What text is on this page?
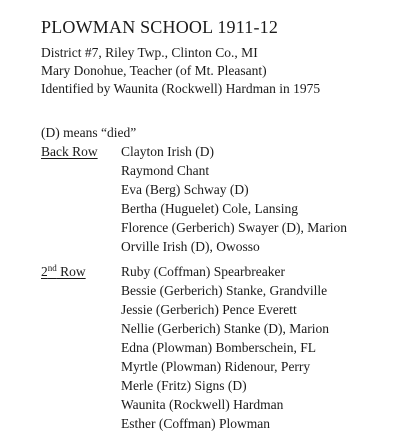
PLOWMAN SCHOOL 1911-12
District #7, Riley Twp., Clinton Co., MI
Mary Donohue, Teacher (of Mt. Pleasant)
Identified by Waunita (Rockwell) Hardman in 1975
(D) means “died”
Back Row Clayton Irish (D)
Raymond Chant
Eva (Berg) Schway (D)
Bertha (Huguelet) Cole, Lansing
Florence (Gerberich) Swayer (D), Marion
Orville Irish (D), Owosso
2nd Row	Ruby (Coffman) Spearbreaker
Bessie (Gerberich) Stanke, Grandville
Jessie (Gerberich) Pence Everett
Nellie (Gerberich) Stanke (D), Marion
Edna (Plowman) Bomberschein, FL
Myrtle (Plowman) Ridenour, Perry
Merle (Fritz) Signs (D)
Waunita (Rockwell) Hardman
Esther (Coffman) Plowman
